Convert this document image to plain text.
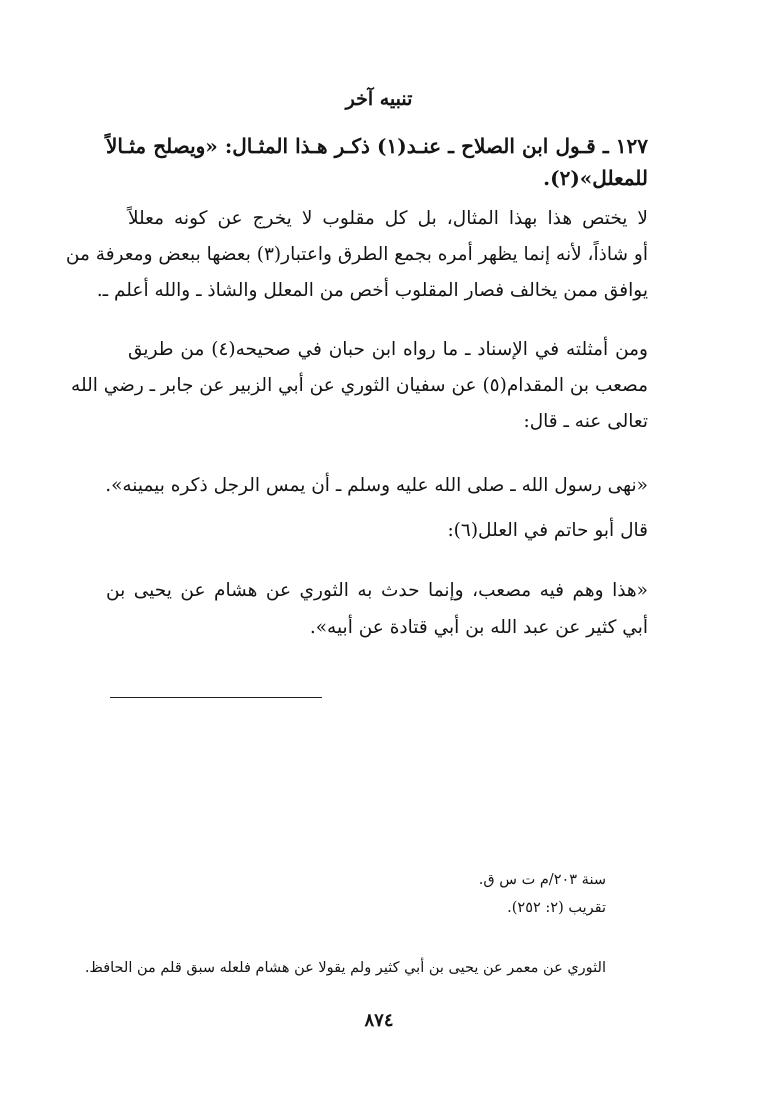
تنبيه آخر
١٢٧ ـ قـول ابن الصلاح ـ عنـد(١) ذكـر هـذا المثـال: «ويصلح مثـالاً
للمعلل»(٢).
لا يختص هذا بهذا المثال، بل كل مقلوب لا يخرج عن كونه معللاً
أو شاذاً، لأنه إنما يظهر أمره بجمع الطرق واعتبار(٣) بعضها ببعض ومعرفة من
يوافق ممن يخالف فصار المقلوب أخص من المعلل والشاذ ـ والله أعلم ـ.
ومن أمثلته في الإسناد ـ ما رواه ابن حبان في صحيحه(٤) من طريق
مصعب بن المقدام(٥) عن سفيان الثوري عن أبي الزبير عن جابر ـ رضي الله
تعالى عنه ـ قال:
«نهى رسول الله ـ صلى الله عليه وسلم ـ أن يمس الرجل ذكره بيمينه».
قال أبو حاتم في العلل(٦):
«هذا وهم فيه مصعب، وإنما حدث به الثوري عن هشام عن يحيى بن
أبي كثير عن عبد الله بن أبي قتادة عن أبيه».
سنة ٢٠٣/م ت س ق.
تقريب (٢: ٢٥٢).
الثوري عن معمر عن يحيى بن أبي كثير ولم يقولا عن هشام فلعله سبق قلم من الحافظ.
٨٧٤
